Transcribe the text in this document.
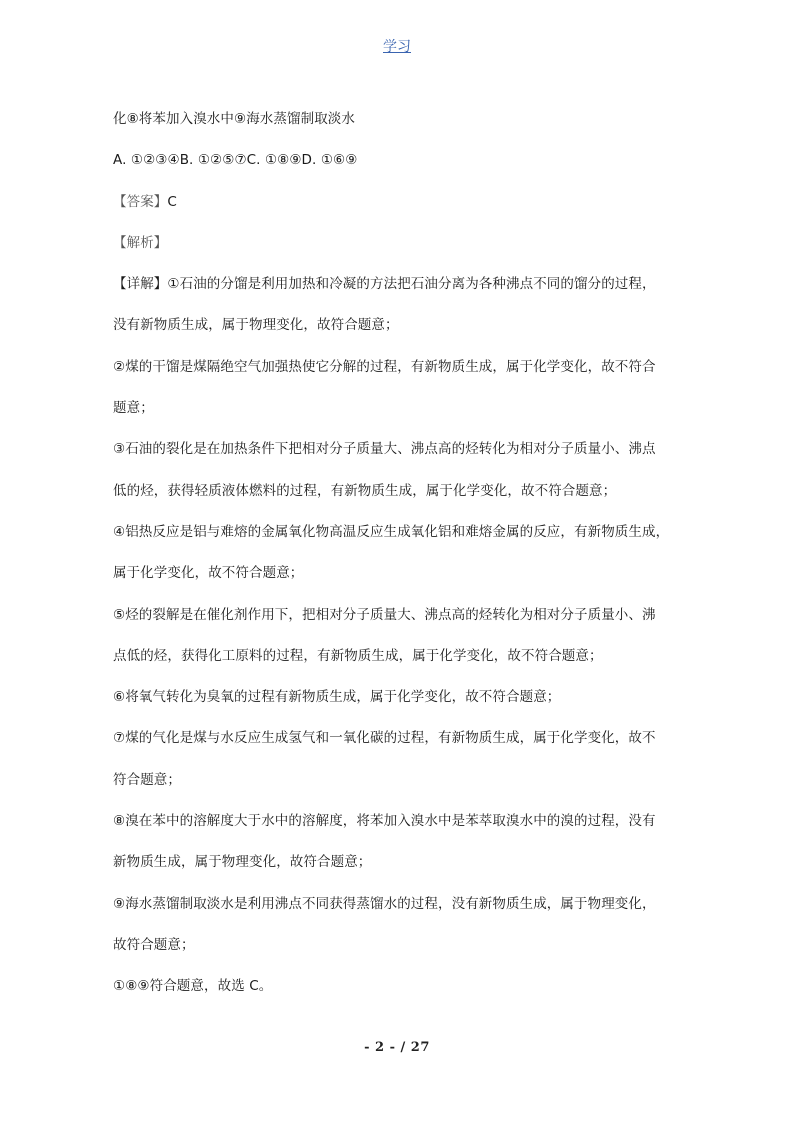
学习
化⑧将苯加入溴水中⑨海水蒸馏制取淡水
A. ①②③④B. ①②⑤⑦C. ①⑧⑨D. ①⑥⑨
【答案】C
【解析】
【详解】①石油的分馏是利用加热和冷凝的方法把石油分离为各种沸点不同的馏分的过程，
没有新物质生成，属于物理变化，故符合题意；
②煤的干馏是煤隔绝空气加强热使它分解的过程，有新物质生成，属于化学变化，故不符合
题意；
③石油的裂化是在加热条件下把相对分子质量大、沸点高的烃转化为相对分子质量小、沸点
低的烃，获得轻质液体燃料的过程，有新物质生成，属于化学变化，故不符合题意；
④铝热反应是铝与难熔的金属氧化物高温反应生成氧化铝和难熔金属的反应，有新物质生成，
属于化学变化，故不符合题意；
⑤烃的裂解是在催化剂作用下，把相对分子质量大、沸点高的烃转化为相对分子质量小、沸
点低的烃，获得化工原料的过程，有新物质生成，属于化学变化，故不符合题意；
⑥将氧气转化为臭氧的过程有新物质生成，属于化学变化，故不符合题意；
⑦煤的气化是煤与水反应生成氢气和一氧化碳的过程，有新物质生成，属于化学变化，故不
符合题意；
⑧溴在苯中的溶解度大于水中的溶解度，将苯加入溴水中是苯萃取溴水中的溴的过程，没有
新物质生成，属于物理变化，故符合题意；
⑨海水蒸馏制取淡水是利用沸点不同获得蒸馏水的过程，没有新物质生成，属于物理变化，
故符合题意；
①⑧⑨符合题意，故选 C。
- 2 - / 27
